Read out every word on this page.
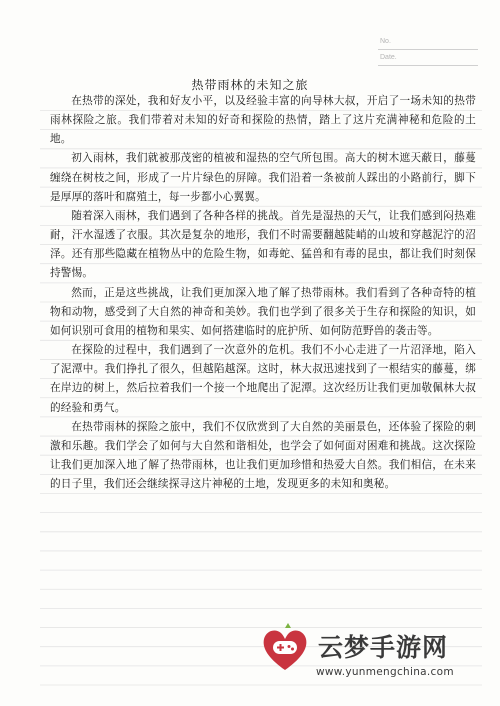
No.
Date.
热带雨林的未知之旅

在热带的深处，我和好友小平，以及经验丰富的向导林大叔，开启了一场未知的热带雨林探险之旅。我们带着对未知的好奇和探险的热情，踏上了这片充满神秘和危险的土地。

初入雨林，我们就被那茂密的植被和湿热的空气所包围。高大的树木遮天蔽日，藤蔓缠绕在树枝之间，形成了一片片绿色的屏障。我们沿着一条被前人踩出的小路前行，脚下是厚厚的落叶和腐殖土，每一步都小心翼翼。

随着深入雨林，我们遇到了各种各样的挑战。首先是湿热的天气，让我们感到闷热难耐，汗水湿透了衣服。其次是复杂的地形，我们不时需要翻越陡峭的山坡和穿越泥泞的沼泽。还有那些隐藏在植物丛中的危险生物，如毒蛇、猛兽和有毒的昆虫，都让我们时刻保持警惕。

然而，正是这些挑战，让我们更加深入地了解了热带雨林。我们看到了各种奇特的植物和动物，感受到了大自然的神奇和美妙。我们也学到了很多关于生存和探险的知识，如如何识别可食用的植物和果实、如何搭建临时的庇护所、如何防范野兽的袭击等。

在探险的过程中，我们遇到了一次意外的危机。我们不小心走进了一片沼泽地，陷入了泥潭中。我们挣扎了很久，但越陷越深。这时，林大叔迅速找到了一根结实的藤蔓，绑在岸边的树上，然后拉着我们一个接一个地爬出了泥潭。这次经历让我们更加敬佩林大叔的经验和勇气。

在热带雨林的探险之旅中，我们不仅欣赏到了大自然的美丽景色，还体验了探险的刺激和乐趣。我们学会了如何与大自然和谐相处，也学会了如何面对困难和挑战。这次探险让我们更加深入地了解了热带雨林，也让我们更加珍惜和热爱大自然。我们相信，在未来的日子里，我们还会继续探寻这片神秘的土地，发现更多的未知和奥秘。

云梦手游网
www.yunmengchina.com
